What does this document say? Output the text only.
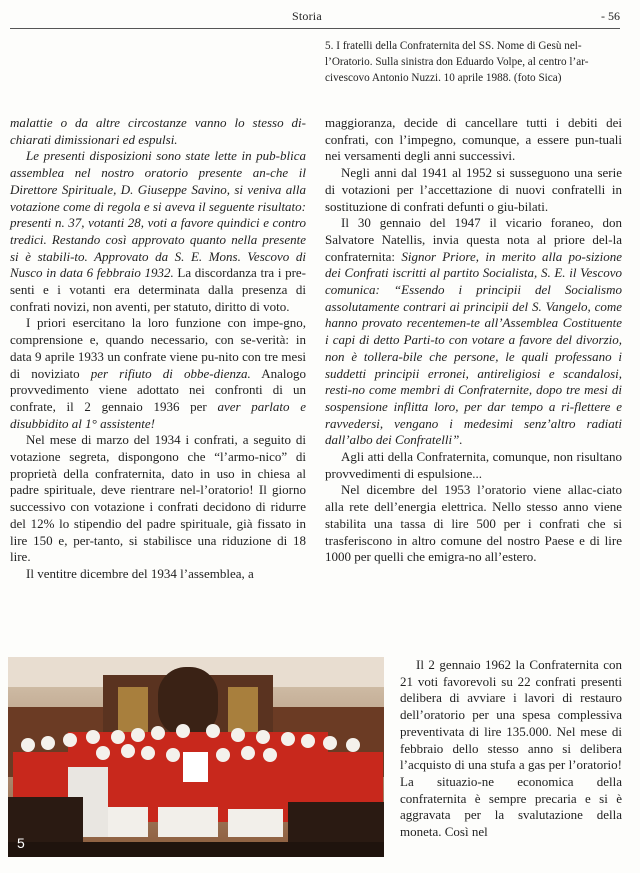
Storia	- 56
5. I fratelli della Confraternita del SS. Nome di Gesù nel-l’Oratorio. Sulla sinistra don Eduardo Volpe, al centro l’ar-civescovo Antonio Nuzzi. 10 aprile 1988. (foto Sica)

malattie o da altre circostanze vanno lo stesso di-chiarati dimissionari ed espulsi.

Le presenti disposizioni sono state lette in pub-blica assemblea nel nostro oratorio presente an-che il Direttore Spirituale, D. Giuseppe Savino, si veniva alla votazione come di regola e si aveva il seguente risultato: presenti n. 37, votanti 28, voti a favore quindici e contro tredici. Restando così approvato quanto nella presente si è stabili-to. Approvato da S. E. Mons. Vescovo di Nusco in data 6 febbraio 1932. La discordanza tra i pre-senti e i votanti era determinata dalla presenza di confrati novizi, non aventi, per statuto, diritto di voto.

I priori esercitano la loro funzione con impe-gno, comprensione e, quando necessario, con se-verità: in data 9 aprile 1933 un confrate viene pu-nito con tre mesi di noviziato per rifiuto di obbe-dienza. Analogo provvedimento viene adottato nei confronti di un confrate, il 2 gennaio 1936 per aver parlato e disubbidito al 1° assistente!

Nel mese di marzo del 1934 i confrati, a seguito di votazione segreta, dispongono che “l’armo-nico” di proprietà della confraternita, dato in uso in chiesa al padre spirituale, deve rientrare nel-l’oratorio! Il giorno successivo con votazione i confrati decidono di ridurre del 12% lo stipendio del padre spirituale, già fissato in lire 150 e, per-tanto, si stabilisce una riduzione di 18 lire.

Il ventitre dicembre del 1934 l’assemblea, a

maggioranza, decide di cancellare tutti i debiti dei confrati, con l’impegno, comunque, a essere pun-tuali nei versamenti degli anni successivi.

Negli anni dal 1941 al 1952 si susseguono una serie di votazioni per l’accettazione di nuovi confratelli in sostituzione di confrati defunti o giu-bilati.

Il 30 gennaio del 1947 il vicario foraneo, don Salvatore Natellis, invia questa nota al priore del-la confraternita: Signor Priore, in merito alla po-sizione dei Confrati iscritti al partito Socialista, S. E. il Vescovo comunica: “Essendo i principii del Socialismo assolutamente contrari ai principii del S. Vangelo, come hanno provato recentemen-te all’Assemblea Costituente i capi di detto Parti-to con votare a favore del divorzio, non è tollera-bile che persone, le quali professano i suddetti principii erronei, antireligiosi e scandalosi, resti-no come membri di Confraternite, dopo tre mesi di sospensione inflitta loro, per dar tempo a ri-flettere e ravvedersi, vengano i medesimi senz’altro radiati dall’albo dei Confratelli”.

Agli atti della Confraternita, comunque, non risultano provvedimenti di espulsione...

Nel dicembre del 1953 l’oratorio viene allac-ciato alla rete dell’energia elettrica. Nello stesso anno viene stabilita una tassa di lire 500 per i confrati che si trasferiscono in altro comune del nostro Paese e di lire 1000 per quelli che emigra-no all’estero.

5

Il 2 gennaio 1962 la Confraternita con 21 voti favorevoli su 22 confrati presenti delibera di avviare i lavori di restauro dell’oratorio per una spesa complessiva preventivata di lire 135.000. Nel mese di febbraio dello stesso anno si delibera l’acquisto di una stufa a gas per l’oratorio! La situazio-ne economica della confraternita è sempre precaria e si è aggravata per la svalutazione della moneta. Così nel
